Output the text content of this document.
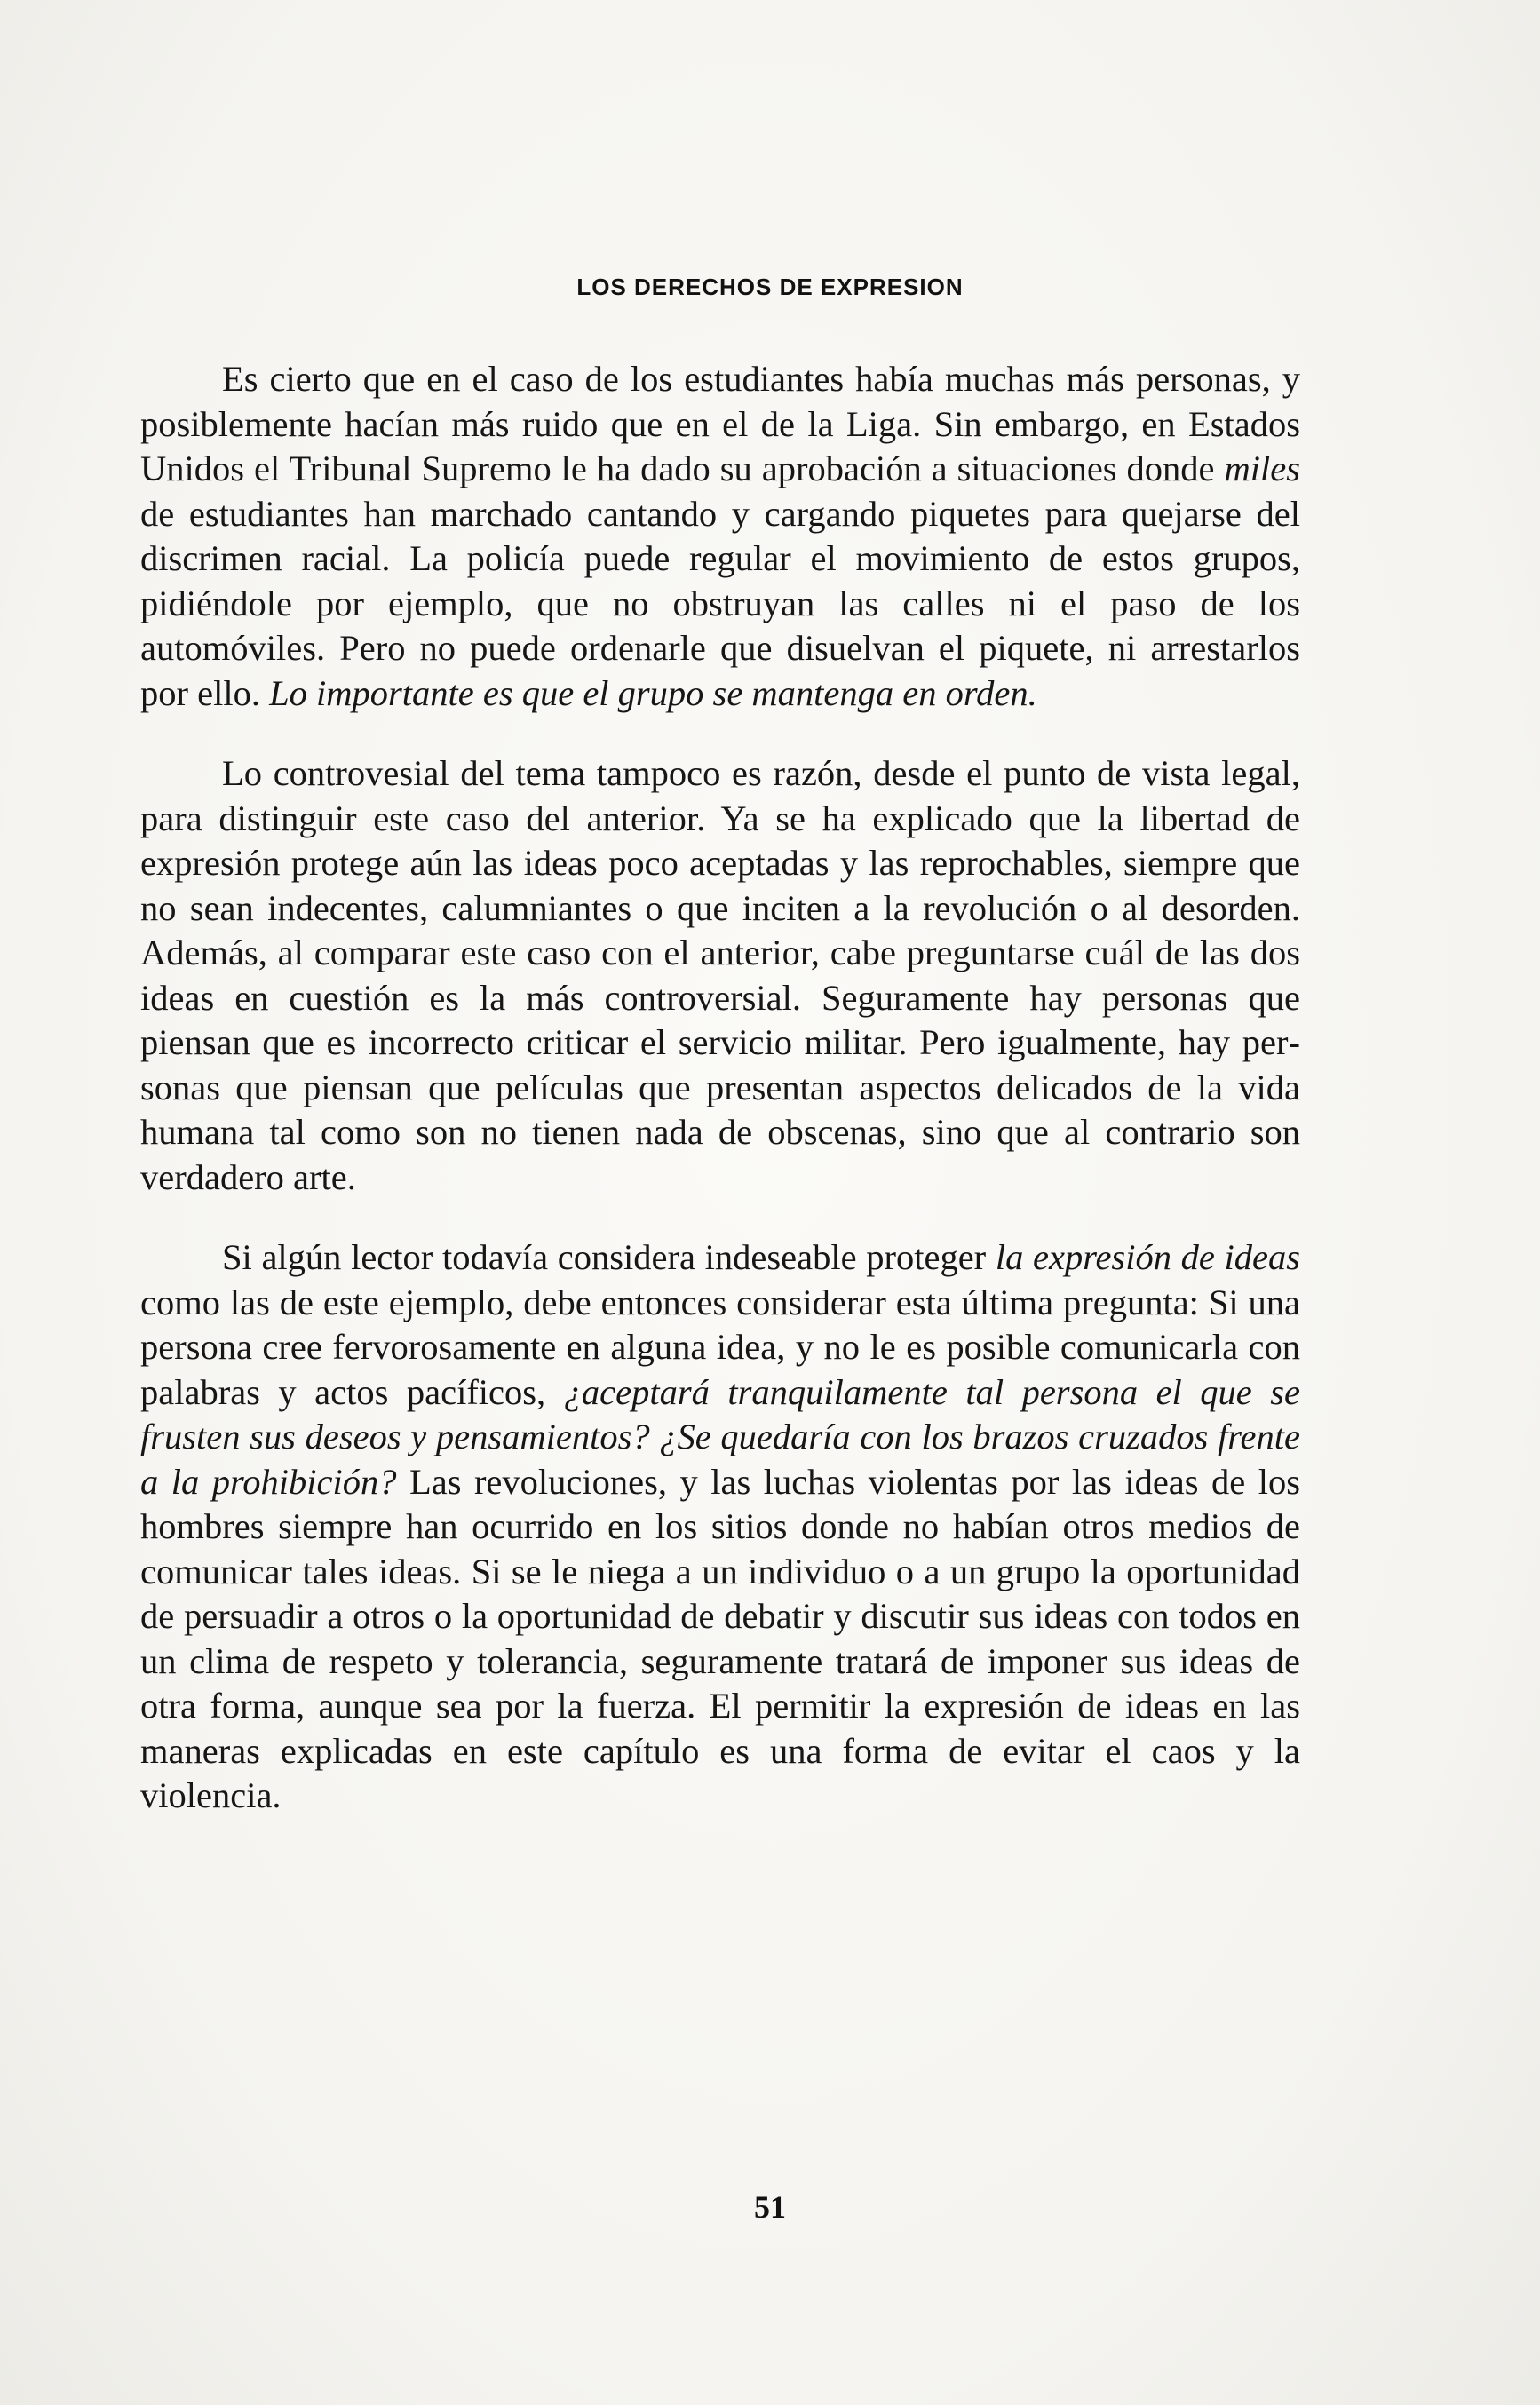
LOS DERECHOS DE EXPRESION

Es cierto que en el caso de los estudiantes había muchas más personas, y posiblemente hacían más ruido que en el de la Liga. Sin embargo, en Estados Unidos el Tribunal Supremo le ha dado su aprobación a situaciones donde miles de estudiantes han marchado cantando y cargando piquetes para quejarse del discrimen racial. La policía puede regular el movimiento de estos grupos, pidiéndole por ejemplo, que no obstruyan las calles ni el paso de los automóviles. Pero no puede ordenarle que disuelvan el piquete, ni arrestarlos por ello. Lo importante es que el grupo se mantenga en orden.

Lo controvesial del tema tampoco es razón, desde el punto de vista legal, para distinguir este caso del anterior. Ya se ha explicado que la libertad de expresión protege aún las ideas poco aceptadas y las reprochables, siempre que no sean indecentes, calumniantes o que inciten a la revolución o al desorden. Además, al comparar este caso con el anterior, cabe preguntarse cuál de las dos ideas en cuestión es la más controversial. Seguramente hay personas que piensan que es incorrecto criticar el servicio militar. Pero igualmente, hay personas que piensan que películas que presentan aspectos delicados de la vida humana tal como son no tienen nada de obscenas, sino que al contrario son verdadero arte.

Si algún lector todavía considera indeseable proteger la expresión de ideas como las de este ejemplo, debe entonces considerar esta última pregunta: Si una persona cree fervorosamente en alguna idea, y no le es posible comunicarla con palabras y actos pacíficos, ¿aceptará tranquilamente tal persona el que se frusten sus deseos y pensamientos? ¿Se quedaría con los brazos cruzados frente a la prohibición? Las revoluciones, y las luchas violentas por las ideas de los hombres siempre han ocurrido en los sitios donde no habían otros medios de comunicar tales ideas. Si se le niega a un individuo o a un grupo la oportunidad de persuadir a otros o la oportunidad de debatir y discutir sus ideas con todos en un clima de respeto y tolerancia, seguramente tratará de imponer sus ideas de otra forma, aunque sea por la fuerza. El permitir la expresión de ideas en las maneras explicadas en este capítulo es una forma de evitar el caos y la violencia.

51
